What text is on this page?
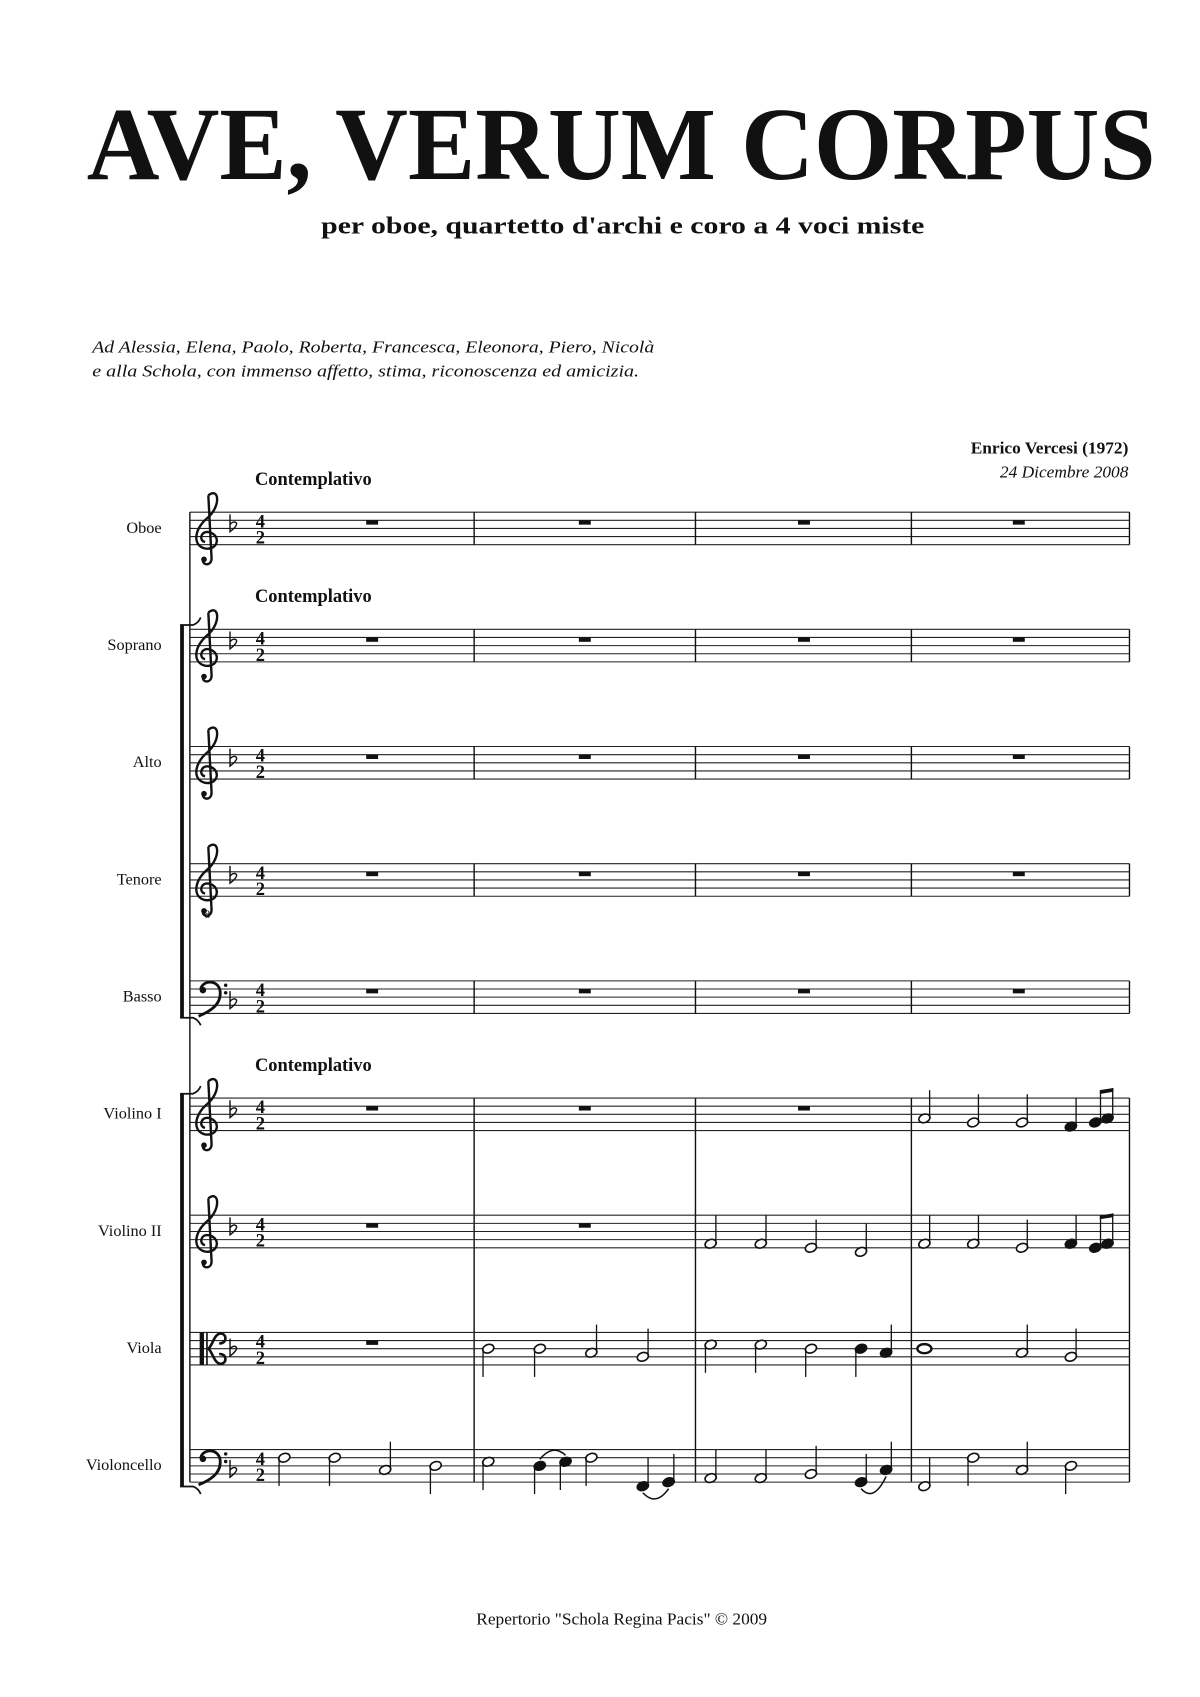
AVE, VERUM CORPUS
per oboe, quartetto d'archi e coro a 4 voci miste
Ad Alessia, Elena, Paolo, Roberta, Francesca, Eleonora, Piero, Nicolà
e alla Schola, con immenso affetto, stima, riconoscenza ed amicizia.
Enrico Vercesi (1972)
24 Dicembre 2008
Repertorio "Schola Regina Pacis" © 2009
Oboe
Contemplativo
4
2
Soprano
Contemplativo
4
2
Alto	4
2
Tenore
8
4
2
Basso	4
2
Violino I
Contemplativo
4
2
Violino II	4
2
Viola	4
2
Violoncello	4
2
